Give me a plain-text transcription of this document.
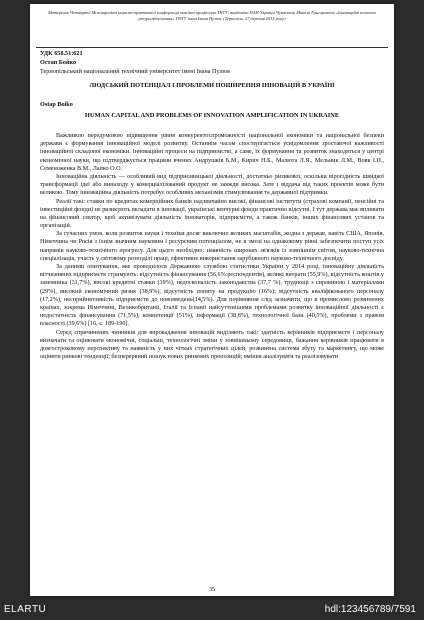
Матеріали Четвертої Міжнародної науково-практичної конференції пам'яті професора ТНТУ, академіка НАН України Чуваєвича Миколи Григоровича «Інноваційні аспекти ресурсозберігання» ТНТУ імені Івана Пулюя. (Тернопіль, 27 березня 2015 року)
УДК 658.51:621
Остап Бойко
Тернопільський національний технічний університет імені Івана Пулюя
ЛЮДСЬКИЙ ПОТЕНЦІАЛ І ПРОБЛЕМИ ПОШИРЕННЯ ІННОВАЦІЙ В УКРАЇНІ
Ostap Boiko
HUMAN CAPITAL AND PROBLEMS OF INNOVATION AMPLIFICATION IN UKRAINE

Важливою передумовою підвищення рівня конкурентоспроможності національної економіки та національної безпеки держави є формування інноваційної моделі розвитку. Останнім часом спостерігається усвідомлення зростаючої важливості інноваційної складової економіки. Інноваційні процеси на підприємстві, а саме, їх формування та розвиток знаходяться у центрі економічної науки, що підтверджується працями вчених Андрушків Б.М., Кирич Н.Б., Малюта Л.Я., Мельник Л.М., Вовк І.П., Семеноженка В.М., Лапко О.О.

Інноваційна діяльність — особливий вид підприємницької діяльності, достатньо ризикової, оскільки вірогідність швидкої трансформації ідеї або винаходу у комерціалізований продукт не завжди висока. Зате і віддача від таких проектів може бути великою. Тому інноваційна діяльність потребує особливих механізмів стимулювання та державної підтримки.

Реалії такі: ставки по кредитах комерційних банків надзвичайно високі, фінансові інститути (страхові компанії, пенсійні та інвестиційні фонди) не ризикують вкладати в інновації, українські венчурні фонди практично відсутні. І тут держава має впливати на фінансовий сектор, щоб активізувати діяльність інноваторів, підприємств, а також банків, інших фінансових установ та організацій.

За сучасних умов, коли розвиток науки і техніки досяг виключно великих масштабів, жодна з держав, навіть США, Японія, Німеччина чи Росія з їхнім значним науковим і ресурсним потенціалом, не в змозі на однаковому рівні забезпечити поступ усіх напрямів науково-технічного прогресу. Для цього необхідно: наявність широких зв'язків із зовнішнім світом, науково-технічна спеціалізація, участь у світовому розподілі праці, ефективне використання зарубіжного науково-технічного досвіду.

За даними опитування, яке проводилося Державною службою статистики України у 2014 році, інноваційну діяльність вітчизняних підприємств стримують: відсутність фінансування (56,6% респондентів), великі витрати (55,9%), відсутність коштів у замовника (31,7%), високі кредитні ставки (39%), недосконалість законодавства (37,7 %), труднощі з сировиною і матеріалами (29%), високий економічний ризик (38,9%), відсутність попиту на продукцію (16%); відсутність кваліфікованого персоналу (17,2%), несприйнятливість підприємств до нововведень(14,5%). Для порівняння слід зазначити, що в промислово розвинених країнах, зокрема Німеччині, Великобританії, Італії та Іспанії найсуттєвішими проблемами розвитку інноваційної діяльності є недостатність фінансування (71,5%), компетенції (51%), інформації (38,8%), технологічної бази (40,5%), проблеми з правом власності (39,6%) [16, с. 189-190].

Серед спричинених чинників для впровадження інновацій виділяють такі: здатність керівників підприємств і персоналу визначати та оцінювати економічні, соціальні, технологічні зміни у зовнішньому середовищі, бажання керівників працювати в довгостроковому перспективу та наявність у них чітких стратегічних цілей, розвинена система збуту та маркетингу, що може оцінити ринкові тенденції; безперервний пошук нових ринкових пропозицій; вміння аналізувати та реалізовувати

35
ELARTU	hdl:123456789/7591
